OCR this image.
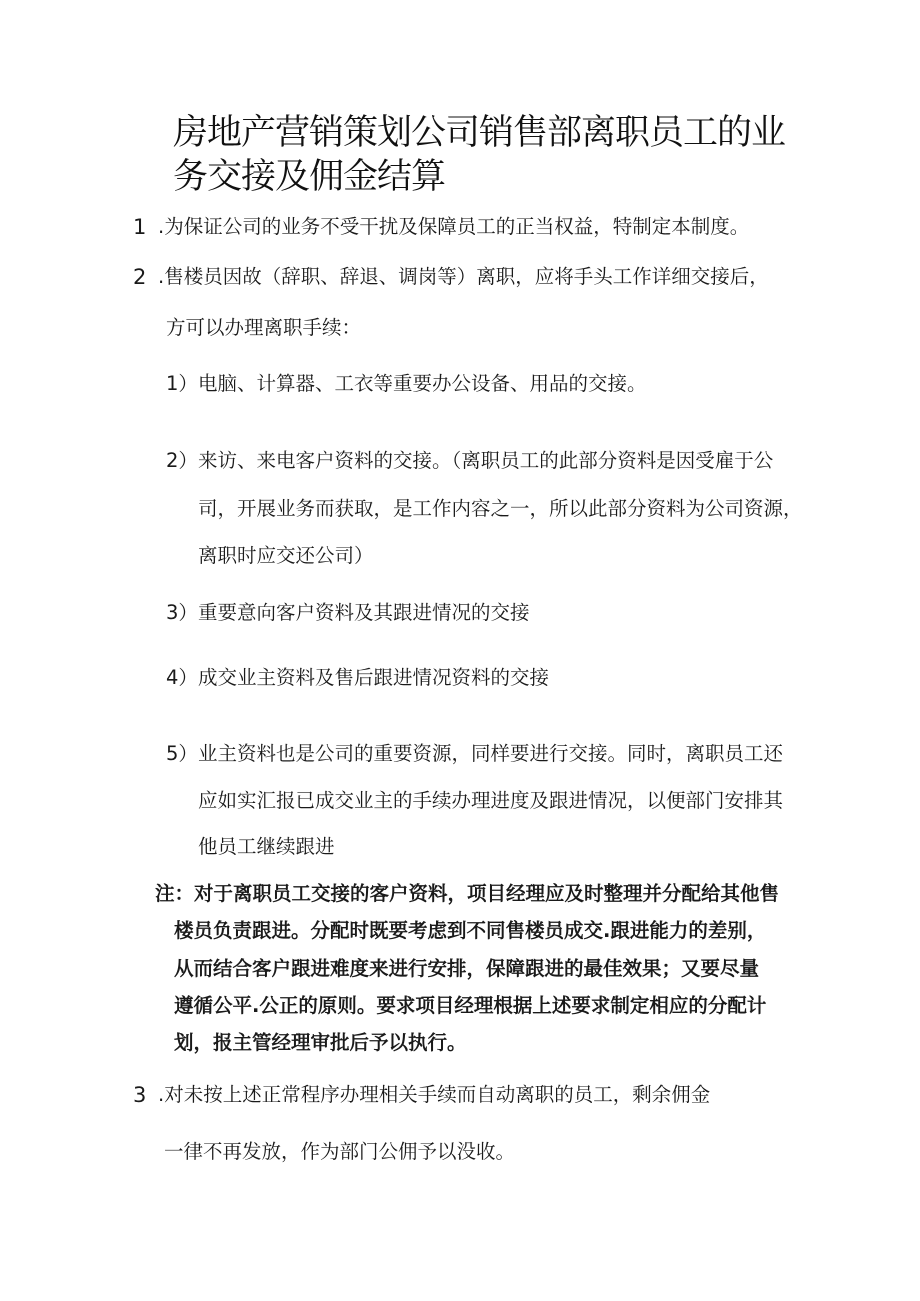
房地产营销策划公司销售部离职员工的业
务交接及佣金结算
1 .为保证公司的业务不受干扰及保障员工的正当权益，特制定本制度。
2 .售楼员因故（辞职、辞退、调岗等）离职，应将手头工作详细交接后，
方可以办理离职手续：
1） 电脑、计算器、工衣等重要办公设备、用品的交接。
2） 来访、来电客户资料的交接。（离职员工的此部分资料是因受雇于公
司，开展业务而获取，是工作内容之一，所以此部分资料为公司资源，
离职时应交还公司）
3） 重要意向客户资料及其跟进情况的交接
4） 成交业主资料及售后跟进情况资料的交接
5） 业主资料也是公司的重要资源，同样要进行交接。同时，离职员工还
应如实汇报已成交业主的手续办理进度及跟进情况，以便部门安排其
他员工继续跟进
注：对于离职员工交接的客户资料，项目经理应及时整理并分配给其他售
楼员负责跟进。分配时既要考虑到不同售楼员成交.跟进能力的差别，
从而结合客户跟进难度来进行安排，保障跟进的最佳效果；又要尽量
遵循公平.公正的原则。要求项目经理根据上述要求制定相应的分配计
划，报主管经理审批后予以执行。
3 .对未按上述正常程序办理相关手续而自动离职的员工，剩余佣金
一律不再发放，作为部门公佣予以没收。
